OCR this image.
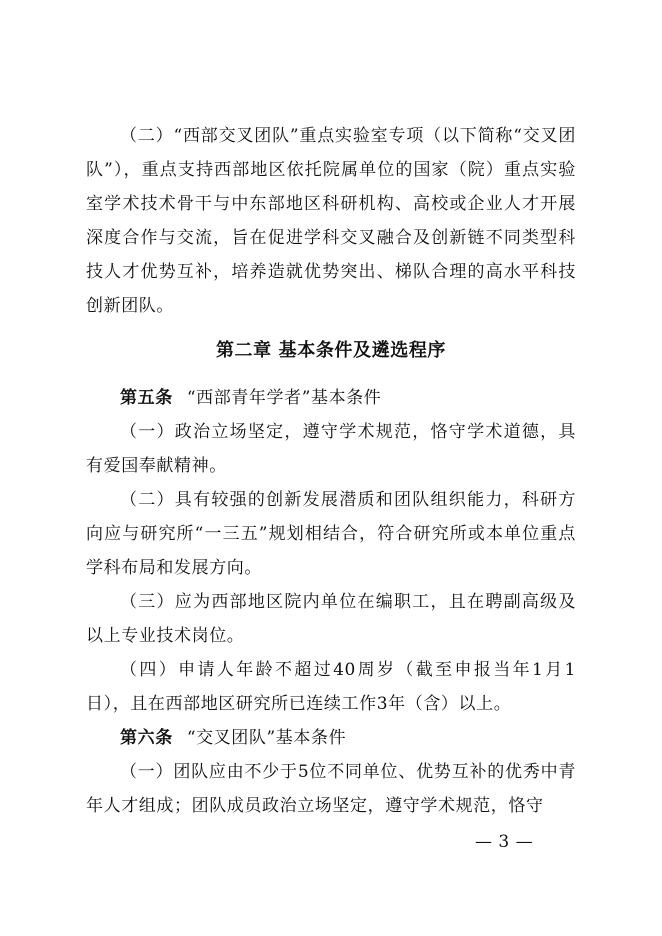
（二）“西部交叉团队”重点实验室专项（以下简称“交叉团队”），重点支持西部地区依托院属单位的国家（院）重点实验室学术技术骨干与中东部地区科研机构、高校或企业人才开展深度合作与交流，旨在促进学科交叉融合及创新链不同类型科技人才优势互补，培养造就优势突出、梯队合理的高水平科技创新团队。

第二章 基本条件及遴选程序

第五条 “西部青年学者”基本条件

（一）政治立场坚定，遵守学术规范，恪守学术道德，具有爱国奉献精神。

（二）具有较强的创新发展潜质和团队组织能力，科研方向应与研究所“一三五”规划相结合，符合研究所或本单位重点学科布局和发展方向。

（三）应为西部地区院内单位在编职工，且在聘副高级及以上专业技术岗位。

（四）申请人年龄不超过40周岁（截至申报当年1月1日），且在西部地区研究所已连续工作3年（含）以上。

第六条 “交叉团队”基本条件

（一）团队应由不少于5位不同单位、优势互补的优秀中青年人才组成；团队成员政治立场坚定，遵守学术规范，恪守

— 3 —
